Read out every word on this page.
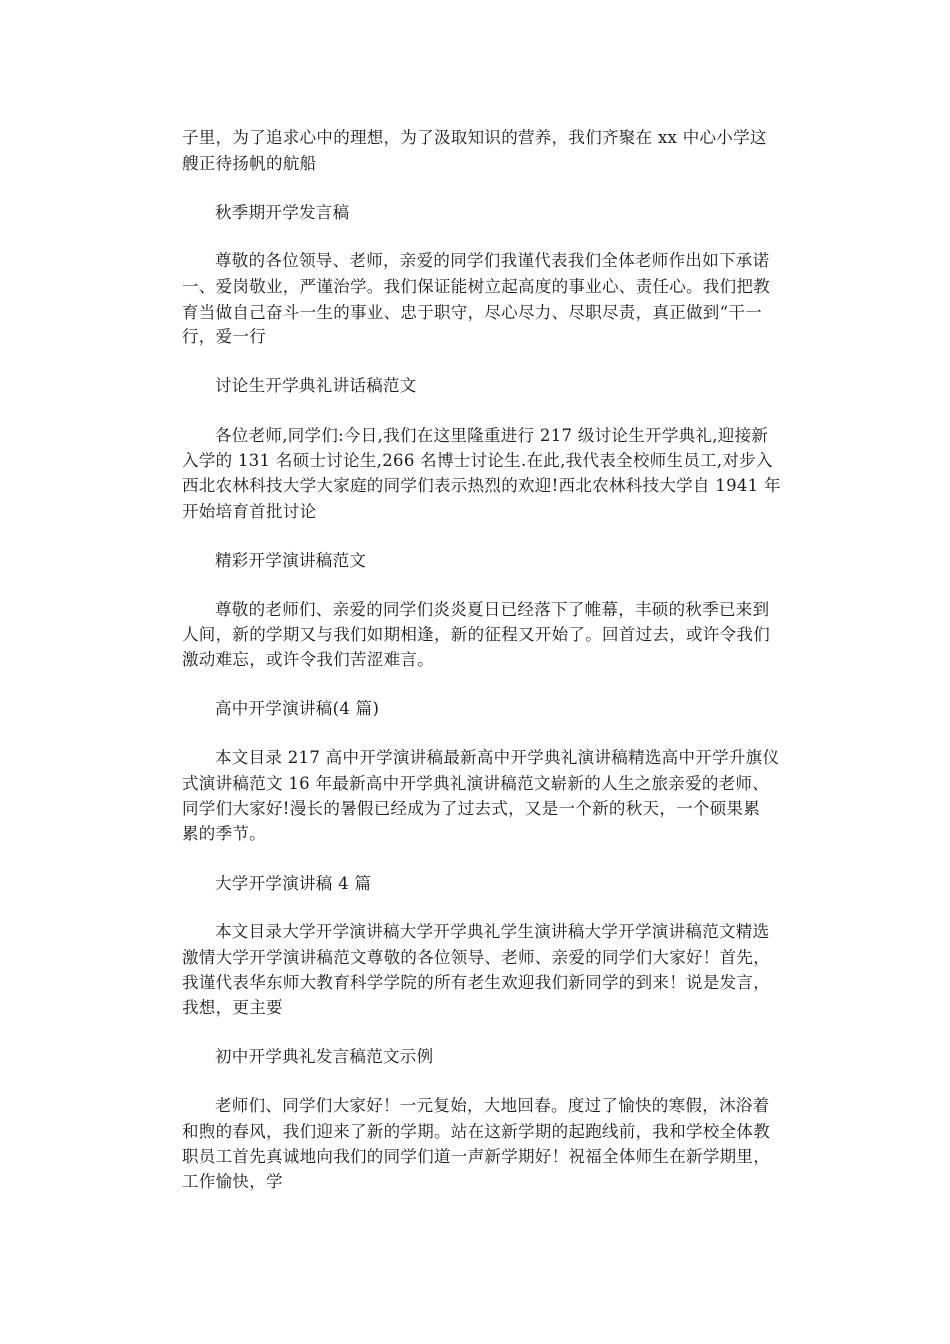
子里，为了追求心中的理想，为了汲取知识的营养，我们齐聚在 xx 中心小学这
艘正待扬帆的航船
秋季期开学发言稿
尊敬的各位领导、老师，亲爱的同学们我谨代表我们全体老师作出如下承诺
一、爱岗敬业，严谨治学。我们保证能树立起高度的事业心、责任心。我们把教
育当做自己奋斗一生的事业、忠于职守，尽心尽力、尽职尽责，真正做到“干一
行，爱一行
讨论生开学典礼讲话稿范文
各位老师,同学们:今日,我们在这里隆重进行 217 级讨论生开学典礼,迎接新
入学的 131 名硕士讨论生,266 名博士讨论生.在此,我代表全校师生员工,对步入
西北农林科技大学大家庭的同学们表示热烈的欢迎!西北农林科技大学自 1941 年
开始培育首批讨论
精彩开学演讲稿范文
尊敬的老师们、亲爱的同学们炎炎夏日已经落下了帷幕，丰硕的秋季已来到
人间，新的学期又与我们如期相逢，新的征程又开始了。回首过去，或许令我们
激动难忘，或许令我们苦涩难言。
高中开学演讲稿(4 篇)
本文目录 217 高中开学演讲稿最新高中开学典礼演讲稿精选高中开学升旗仪
式演讲稿范文 16 年最新高中开学典礼演讲稿范文崭新的人生之旅亲爱的老师、
同学们大家好!漫长的暑假已经成为了过去式，又是一个新的秋天，一个硕果累
累的季节。
大学开学演讲稿 4 篇
本文目录大学开学演讲稿大学开学典礼学生演讲稿大学开学演讲稿范文精选
激情大学开学演讲稿范文尊敬的各位领导、老师、亲爱的同学们大家好！首先，
我谨代表华东师大教育科学学院的所有老生欢迎我们新同学的到来！说是发言，
我想，更主要
初中开学典礼发言稿范文示例
老师们、同学们大家好！一元复始，大地回春。度过了愉快的寒假，沐浴着
和煦的春风，我们迎来了新的学期。站在这新学期的起跑线前，我和学校全体教
职员工首先真诚地向我们的同学们道一声新学期好！祝福全体师生在新学期里，
工作愉快，学
